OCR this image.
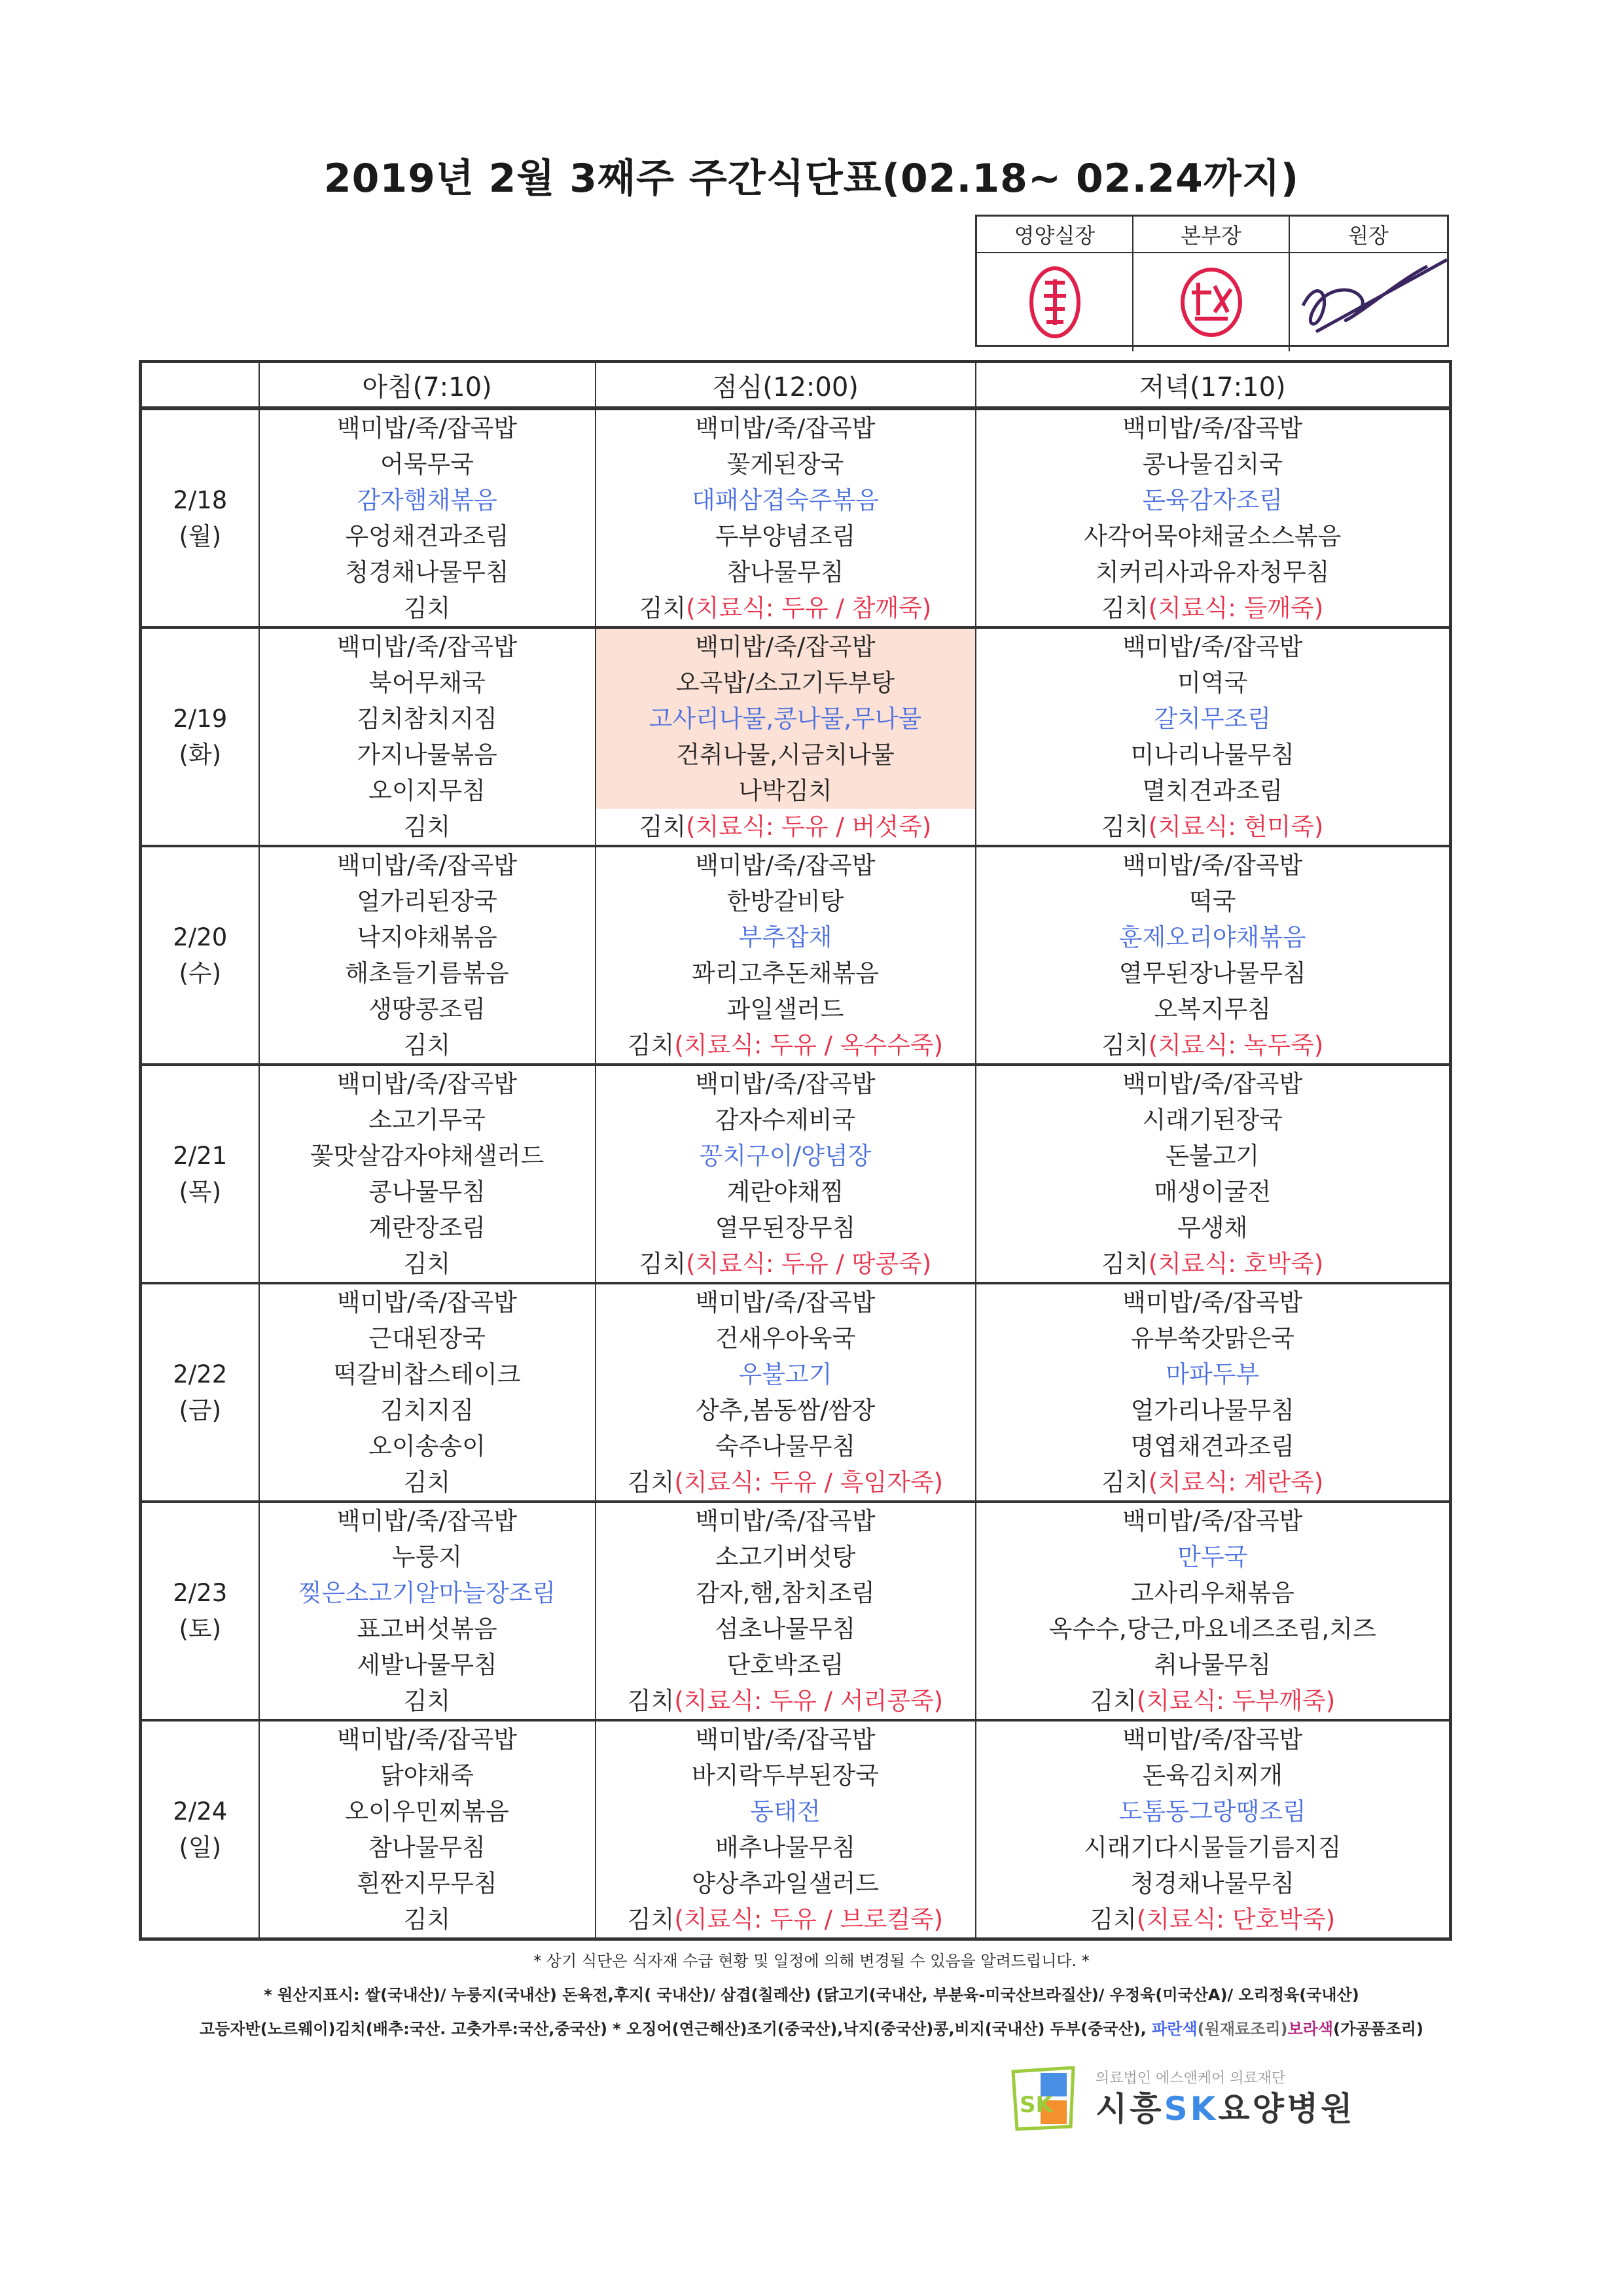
2019년 2월 3째주 주간식단표(02.18~ 02.24까지)
영양실장	본부장	원장
	아침(7:10)	점심(12:00)	저녁(17:10)

2/18
(월)	백미밥/죽/잡곡밥	백미밥/죽/잡곡밥	백미밥/죽/잡곡밥
	어묵무국	꽃게된장국	콩나물김치국
	감자햄채볶음	대패삼겹숙주볶음	돈육감자조림
	우엉채견과조림	두부양념조림	사각어묵야채굴소스볶음
	청경채나물무침	참나물무침	치커리사과유자청무침
	김치	김치(치료식: 두유 / 참깨죽)	김치(치료식: 들깨죽)

2/19
(화)	백미밥/죽/잡곡밥	백미밥/죽/잡곡밥	백미밥/죽/잡곡밥
	북어무채국	오곡밥/소고기두부탕	미역국
	김치참치지짐	고사리나물,콩나물,무나물	갈치무조림
	가지나물볶음	건취나물,시금치나물	미나리나물무침
	오이지무침	나박김치	멸치견과조림
	김치	김치(치료식: 두유 / 버섯죽)	김치(치료식: 현미죽)

2/20
(수)	백미밥/죽/잡곡밥	백미밥/죽/잡곡밥	백미밥/죽/잡곡밥
	얼가리된장국	한방갈비탕	떡국
	낙지야채볶음	부추잡채	훈제오리야채볶음
	해초들기름볶음	꽈리고추돈채볶음	열무된장나물무침
	생땅콩조림	과일샐러드	오복지무침
	김치	김치(치료식: 두유 / 옥수수죽)	김치(치료식: 녹두죽)

2/21
(목)	백미밥/죽/잡곡밥	백미밥/죽/잡곡밥	백미밥/죽/잡곡밥
	소고기무국	감자수제비국	시래기된장국
	꽃맛살감자야채샐러드	꽁치구이/양념장	돈불고기
	콩나물무침	계란야채찜	매생이굴전
	계란장조림	열무된장무침	무생채
	김치	김치(치료식: 두유 / 땅콩죽)	김치(치료식: 호박죽)

2/22
(금)	백미밥/죽/잡곡밥	백미밥/죽/잡곡밥	백미밥/죽/잡곡밥
	근대된장국	건새우아욱국	유부쑥갓맑은국
	떡갈비찹스테이크	우불고기	마파두부
	김치지짐	상추,봄동쌈/쌈장	얼가리나물무침
	오이송송이	숙주나물무침	명엽채견과조림
	김치	김치(치료식: 두유 / 흑임자죽)	김치(치료식: 계란죽)

2/23
(토)	백미밥/죽/잡곡밥	백미밥/죽/잡곡밥	백미밥/죽/잡곡밥
	누룽지	소고기버섯탕	만두국
	찢은소고기알마늘장조림	감자,햄,참치조림	고사리우채볶음
	표고버섯볶음	섬초나물무침	옥수수,당근,마요네즈조림,치즈
	세발나물무침	단호박조림	취나물무침
	김치	김치(치료식: 두유 / 서리콩죽)	김치(치료식: 두부깨죽)

2/24
(일)	백미밥/죽/잡곡밥	백미밥/죽/잡곡밥	백미밥/죽/잡곡밥
	닭야채죽	바지락두부된장국	돈육김치찌개
	오이우민찌볶음	동태전	도톰동그랑땡조림
	참나물무침	배추나물무침	시래기다시물들기름지짐
	흰짠지무무침	양상추과일샐러드	청경채나물무침
	김치	김치(치료식: 두유 / 브로컬죽)	김치(치료식: 단호박죽)
* 상기 식단은 식자재 수급 현황 및 일정에 의해 변경될 수 있음을 알려드립니다. *
* 원산지표시: 쌀(국내산)/ 누룽지(국내산) 돈육전,후지( 국내산)/ 삼겹(칠레산) (닭고기(국내산, 부분육-미국산브라질산)/ 우정육(미국산A)/ 오리정육(국내산)
고등자반(노르웨이)김치(배추:국산. 고춧가루:국산,중국산) * 오징어(연근해산)조기(중국산),낙지(중국산)콩,비지(국내산) 두부(중국산), 파란색(원재료조리)보라색(가공품조리)
SK
의료법인 에스앤케어 의료재단
시흥SK요양병원
